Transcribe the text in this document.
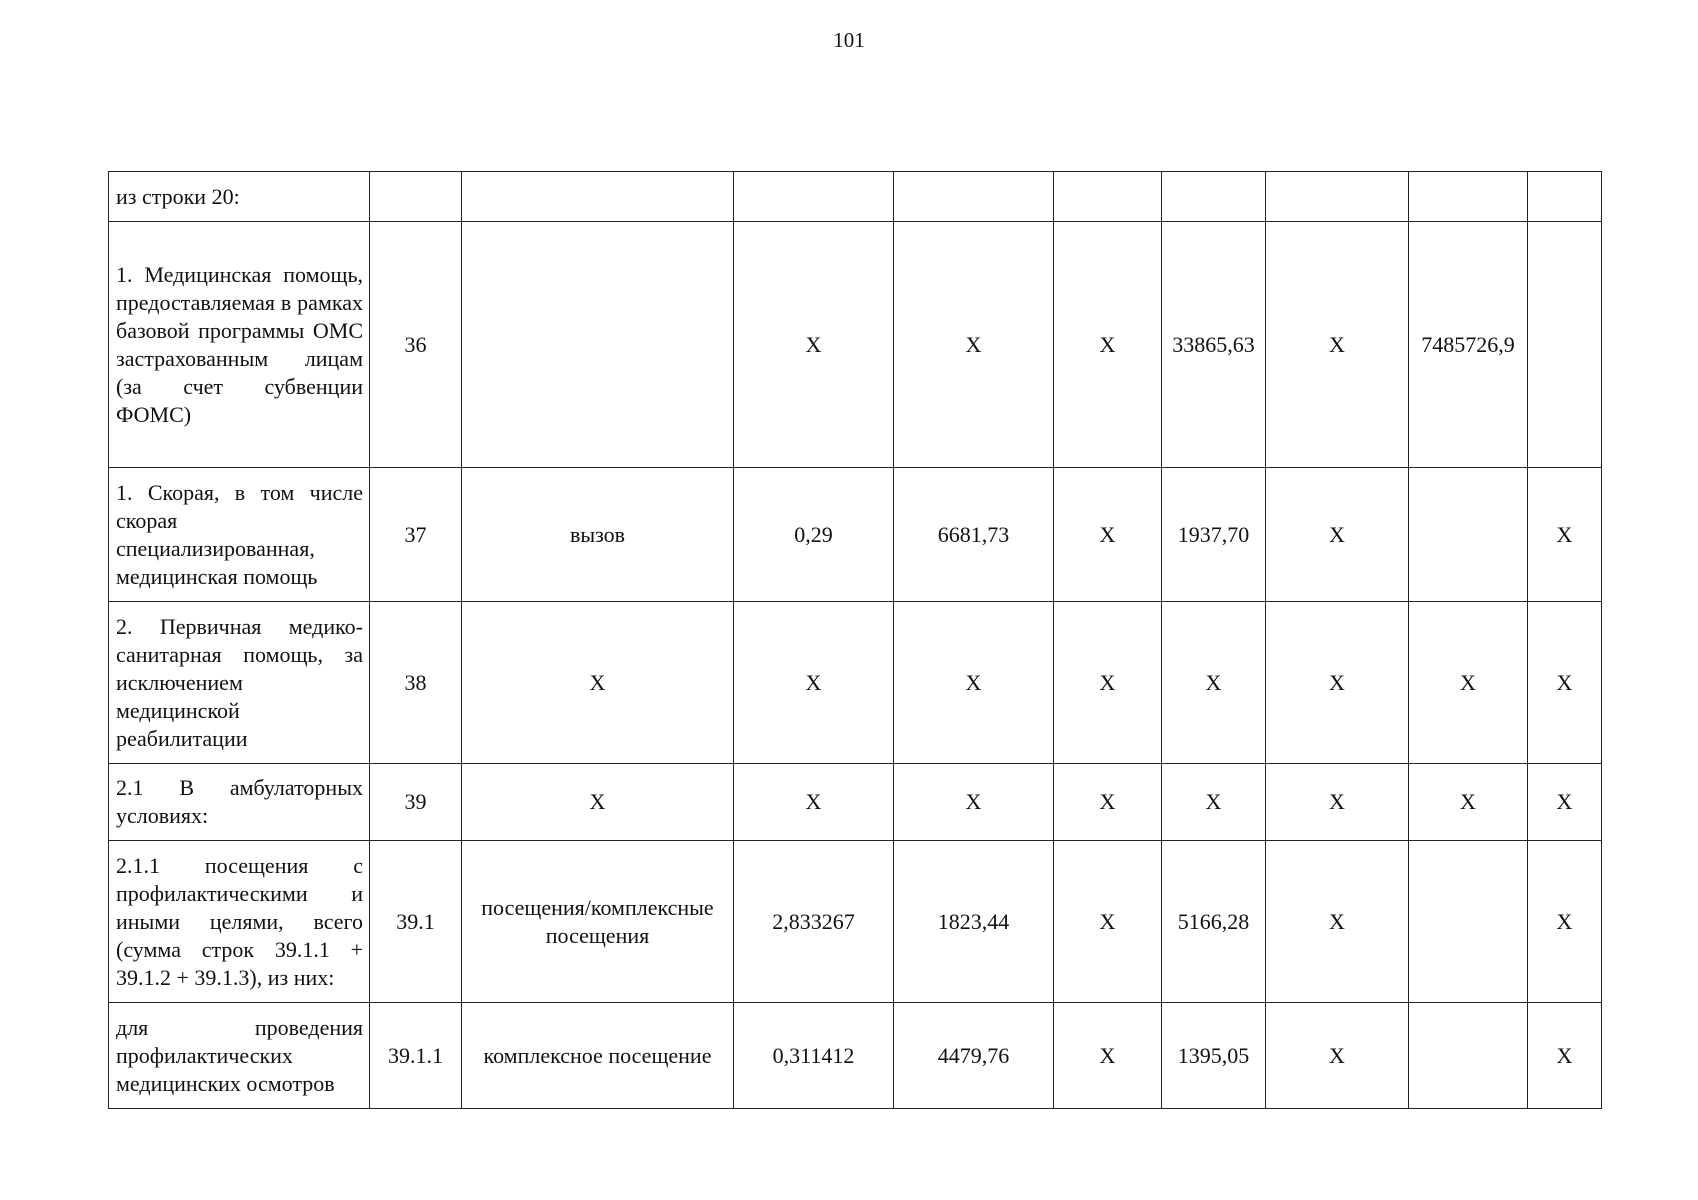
101
из строки 20:									
1. Медицинская помощь, предоставляемая в рамках базовой программы ОМС застрахованным лицам (за счет субвенции ФОМС)	36		Х	Х	Х	33865,63	Х	7485726,9	
1. Скорая, в том числе скорая специализированная, медицинская помощь	37	вызов	0,29	6681,73	Х	1937,70	Х		Х
2. Первичная медико-санитарная помощь, за исключением медицинской реабилитации	38	Х	Х	Х	Х	Х	Х	Х	Х
2.1 В амбулаторных условиях:	39	Х	Х	Х	Х	Х	Х	Х	Х
2.1.1 посещения с профилактическими и иными целями, всего (сумма строк 39.1.1 + 39.1.2 + 39.1.3), из них:	39.1	посещения/комплексные посещения	2,833267	1823,44	Х	5166,28	Х		Х
для проведения профилактических медицинских осмотров	39.1.1	комплексное посещение	0,311412	4479,76	Х	1395,05	Х		Х
